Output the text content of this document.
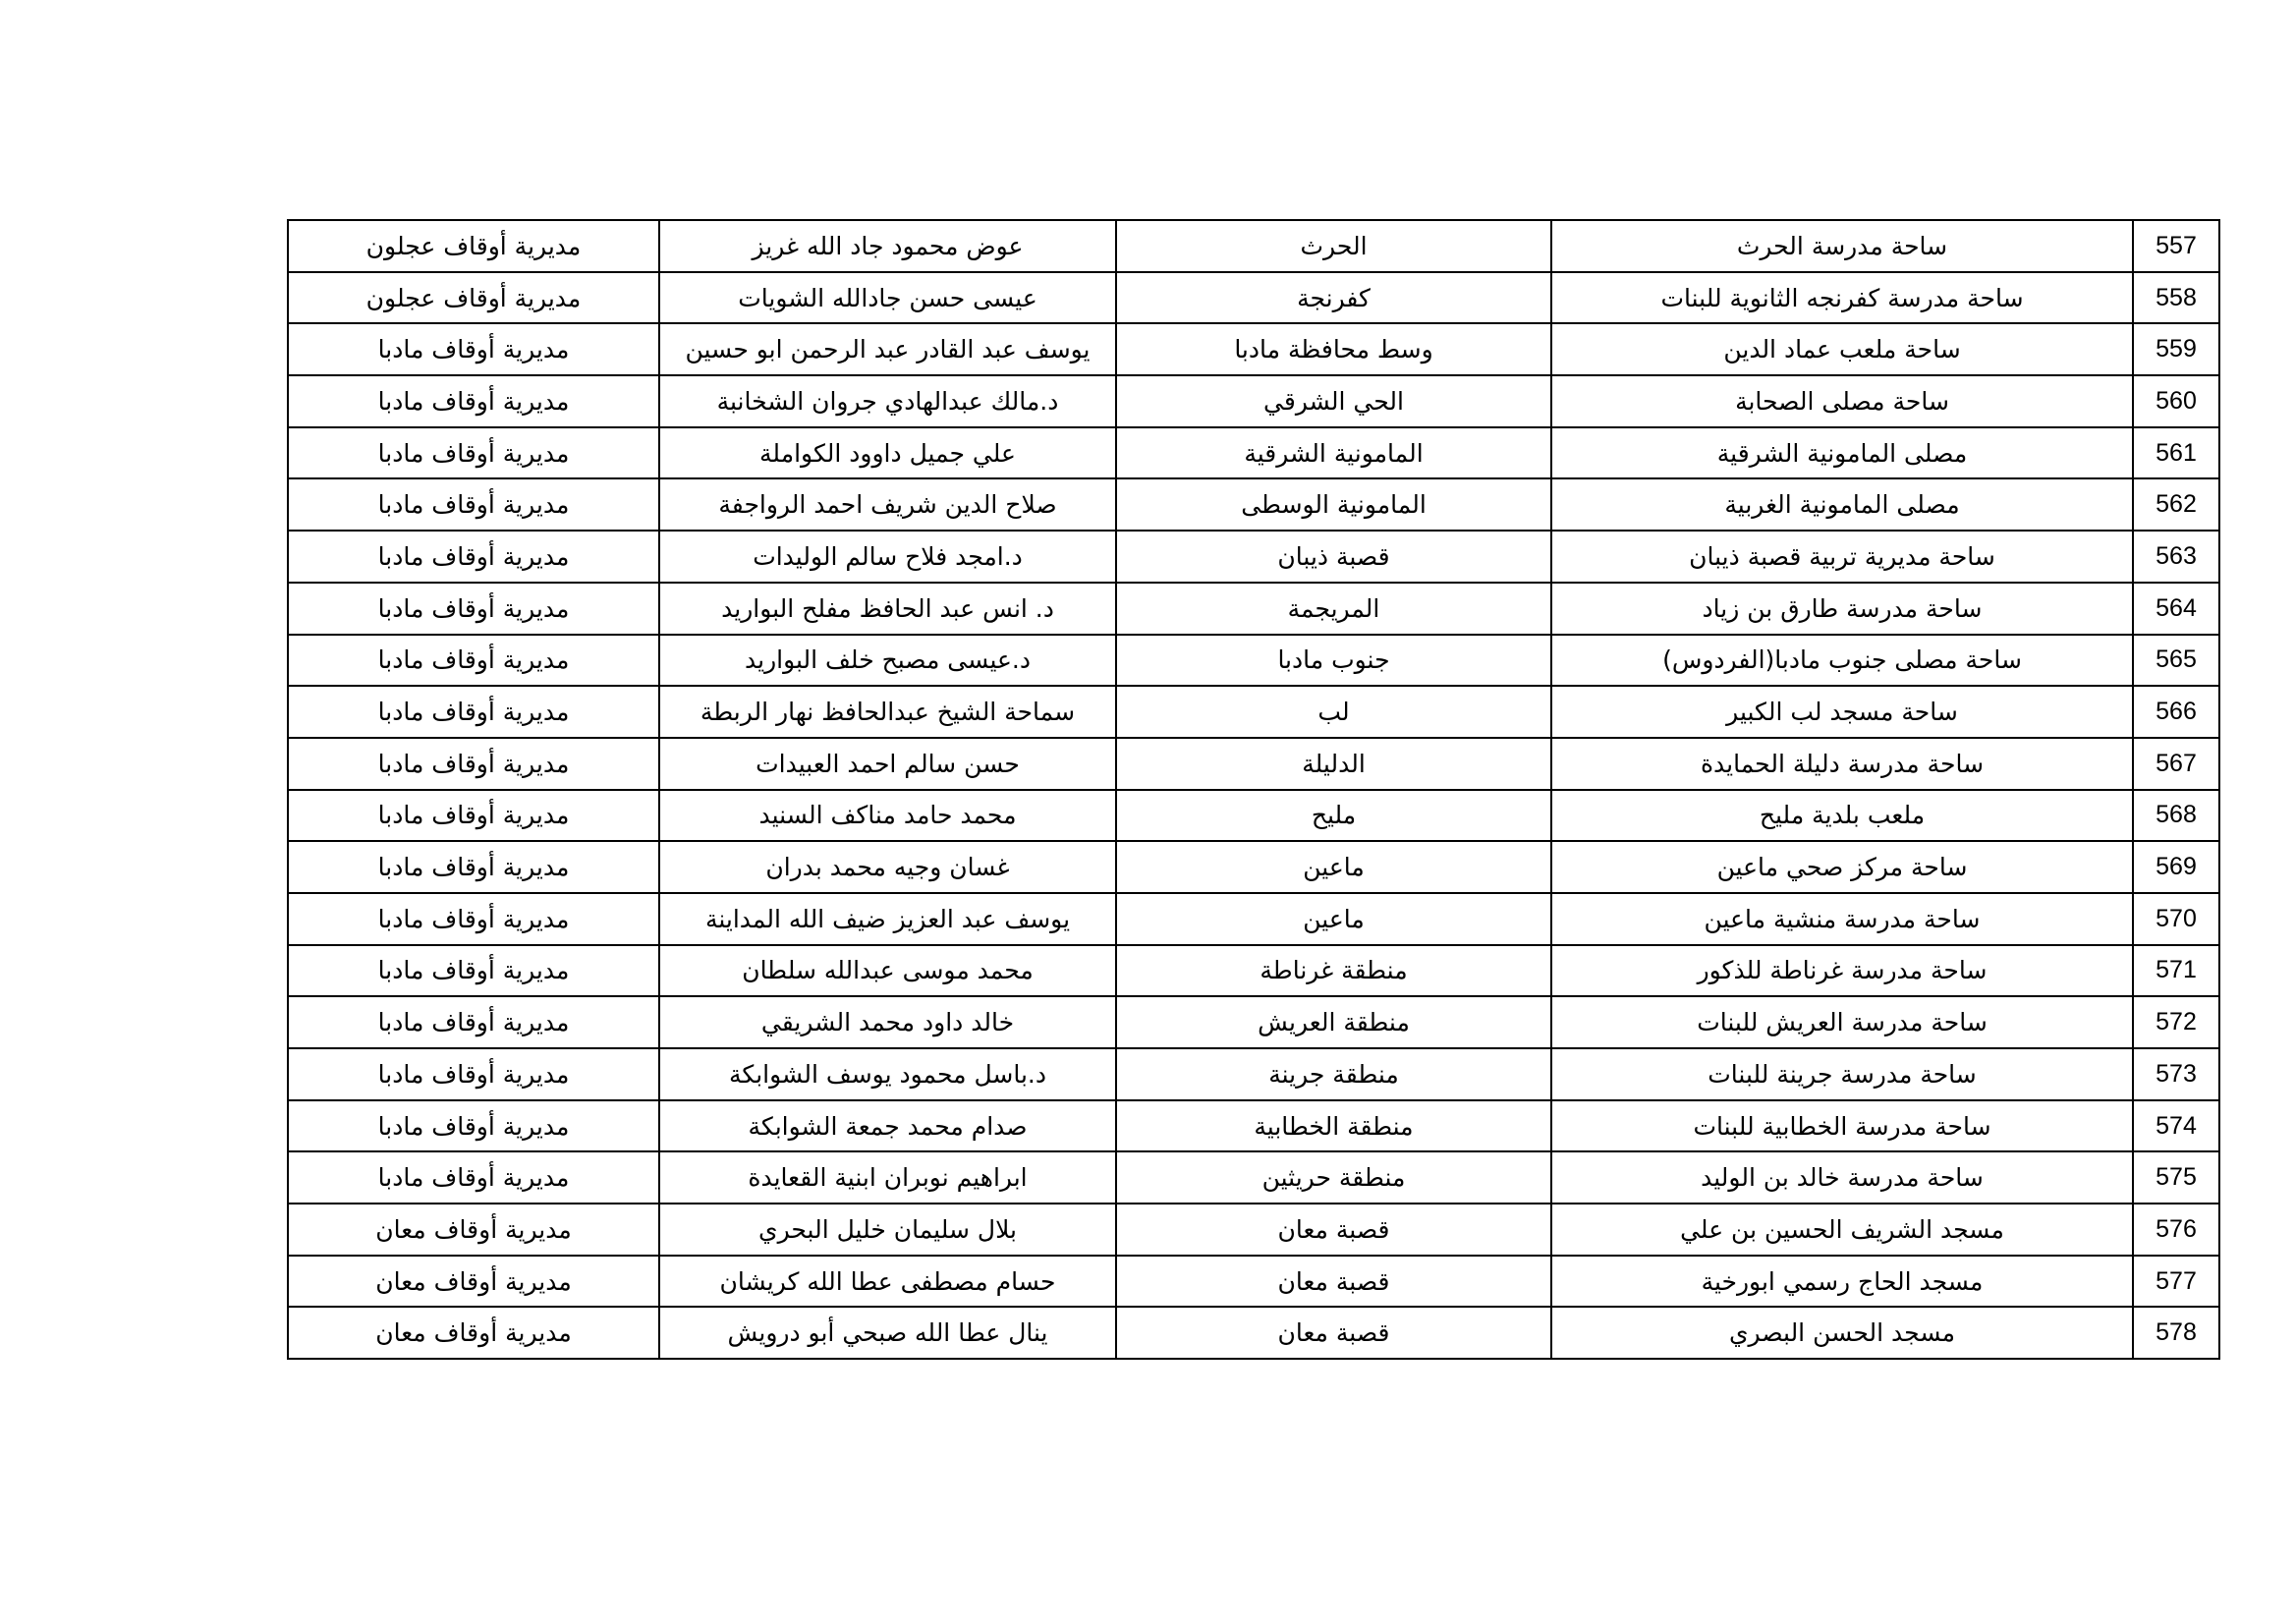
557	ساحة مدرسة الحرث	الحرث	عوض محمود جاد الله غريز	مديرية أوقاف عجلون
558	ساحة مدرسة كفرنجه الثانوية للبنات	كفرنجة	عيسى حسن جادالله الشويات	مديرية أوقاف عجلون
559	ساحة ملعب عماد الدين	وسط محافظة مادبا	يوسف عبد القادر عبد الرحمن ابو حسين	مديرية أوقاف مادبا
560	ساحة مصلى الصحابة	الحي الشرقي	د.مالك عبدالهادي جروان الشخانبة	مديرية أوقاف مادبا
561	مصلى المامونية الشرقية	المامونية الشرقية	علي جميل داوود الكواملة	مديرية أوقاف مادبا
562	مصلى المامونية الغربية	المامونية الوسطى	صلاح الدين شريف احمد الرواجفة	مديرية أوقاف مادبا
563	ساحة مديرية تربية قصبة ذيبان	قصبة ذيبان	د.امجد فلاح سالم الوليدات	مديرية أوقاف مادبا
564	ساحة مدرسة طارق بن زياد	المريجمة	د. انس عبد الحافظ مفلح البواريد	مديرية أوقاف مادبا
565	ساحة مصلى جنوب مادبا(الفردوس)	جنوب مادبا	د.عيسى مصبح خلف البواريد	مديرية أوقاف مادبا
566	ساحة مسجد لب الكبير	لب	سماحة الشيخ عبدالحافظ نهار الربطة	مديرية أوقاف مادبا
567	ساحة مدرسة دليلة الحمايدة	الدليلة	حسن سالم احمد العبيدات	مديرية أوقاف مادبا
568	ملعب بلدية مليح	مليح	محمد حامد مناكف السنيد	مديرية أوقاف مادبا
569	ساحة مركز صحي ماعين	ماعين	غسان وجيه محمد بدران	مديرية أوقاف مادبا
570	ساحة مدرسة منشية ماعين	ماعين	يوسف عبد العزيز ضيف الله المداينة	مديرية أوقاف مادبا
571	ساحة مدرسة غرناطة للذكور	منطقة غرناطة	محمد موسى عبدالله سلطان	مديرية أوقاف مادبا
572	ساحة مدرسة العريش للبنات	منطقة العريش	خالد داود محمد الشريقي	مديرية أوقاف مادبا
573	ساحة مدرسة جرينة للبنات	منطقة جرينة	د.باسل محمود يوسف الشوابكة	مديرية أوقاف مادبا
574	ساحة مدرسة الخطابية للبنات	منطقة الخطابية	صدام محمد جمعة الشوابكة	مديرية أوقاف مادبا
575	ساحة مدرسة خالد بن الوليد	منطقة حريثين	ابراهيم نوبران ابنية القعايدة	مديرية أوقاف مادبا
576	مسجد الشريف الحسين بن علي	قصبة معان	بلال سليمان خليل البحري	مديرية أوقاف معان
577	مسجد الحاج رسمي ابورخية	قصبة معان	حسام مصطفى عطا الله كريشان	مديرية أوقاف معان
578	مسجد الحسن البصري	قصبة معان	ينال عطا الله صبحي أبو درويش	مديرية أوقاف معان
